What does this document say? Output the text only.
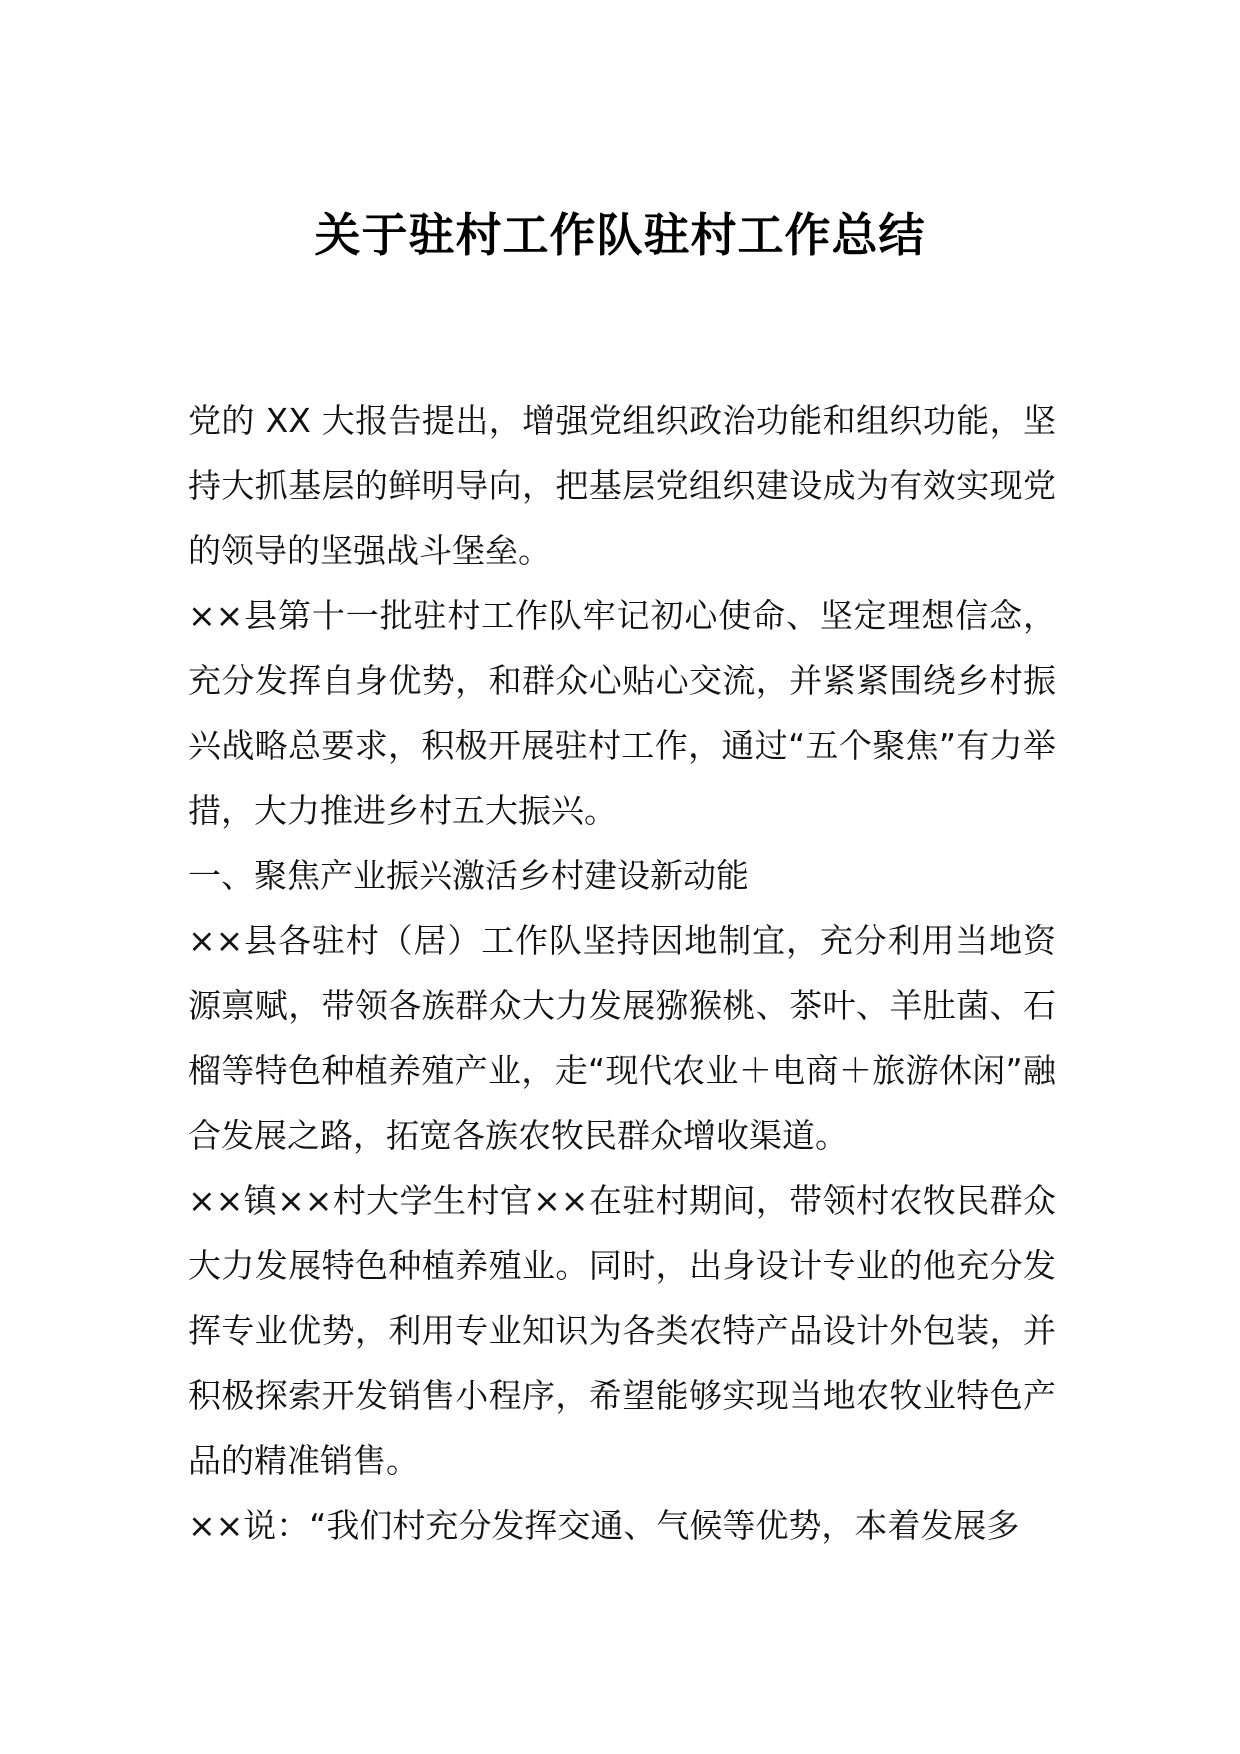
关于驻村工作队驻村工作总结

党的 XX 大报告提出，增强党组织政治功能和组织功能，坚持大抓基层的鲜明导向，把基层党组织建设成为有效实现党的领导的坚强战斗堡垒。

××县第十一批驻村工作队牢记初心使命、坚定理想信念，充分发挥自身优势，和群众心贴心交流，并紧紧围绕乡村振兴战略总要求，积极开展驻村工作，通过“五个聚焦”有力举措，大力推进乡村五大振兴。

一、聚焦产业振兴激活乡村建设新动能

××县各驻村（居）工作队坚持因地制宜，充分利用当地资源禀赋，带领各族群众大力发展猕猴桃、茶叶、羊肚菌、石榴等特色种植养殖产业，走“现代农业＋电商＋旅游休闲”融合发展之路，拓宽各族农牧民群众增收渠道。

××镇××村大学生村官××在驻村期间，带领村农牧民群众大力发展特色种植养殖业。同时，出身设计专业的他充分发挥专业优势，利用专业知识为各类农特产品设计外包装，并积极探索开发销售小程序，希望能够实现当地农牧业特色产品的精准销售。

××说：“我们村充分发挥交通、气候等优势，本着发展多
